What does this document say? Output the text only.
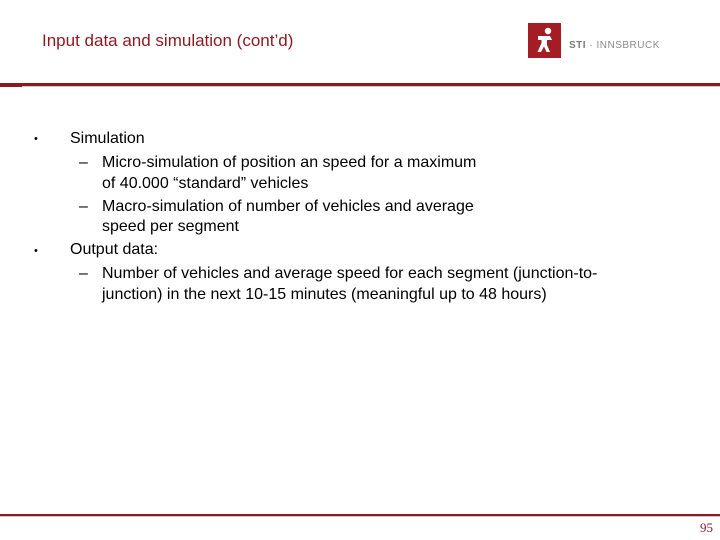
Input data and simulation (cont’d)	STI · INNSBRUCK
• Simulation
– Micro-simulation of position an speed for a maximum
of 40.000 “standard” vehicles
– Macro-simulation of number of vehicles and average
speed per segment
• Output data:
– Number of vehicles and average speed for each segment (junction-to-
junction) in the next 10-15 minutes (meaningful up to 48 hours)
95
